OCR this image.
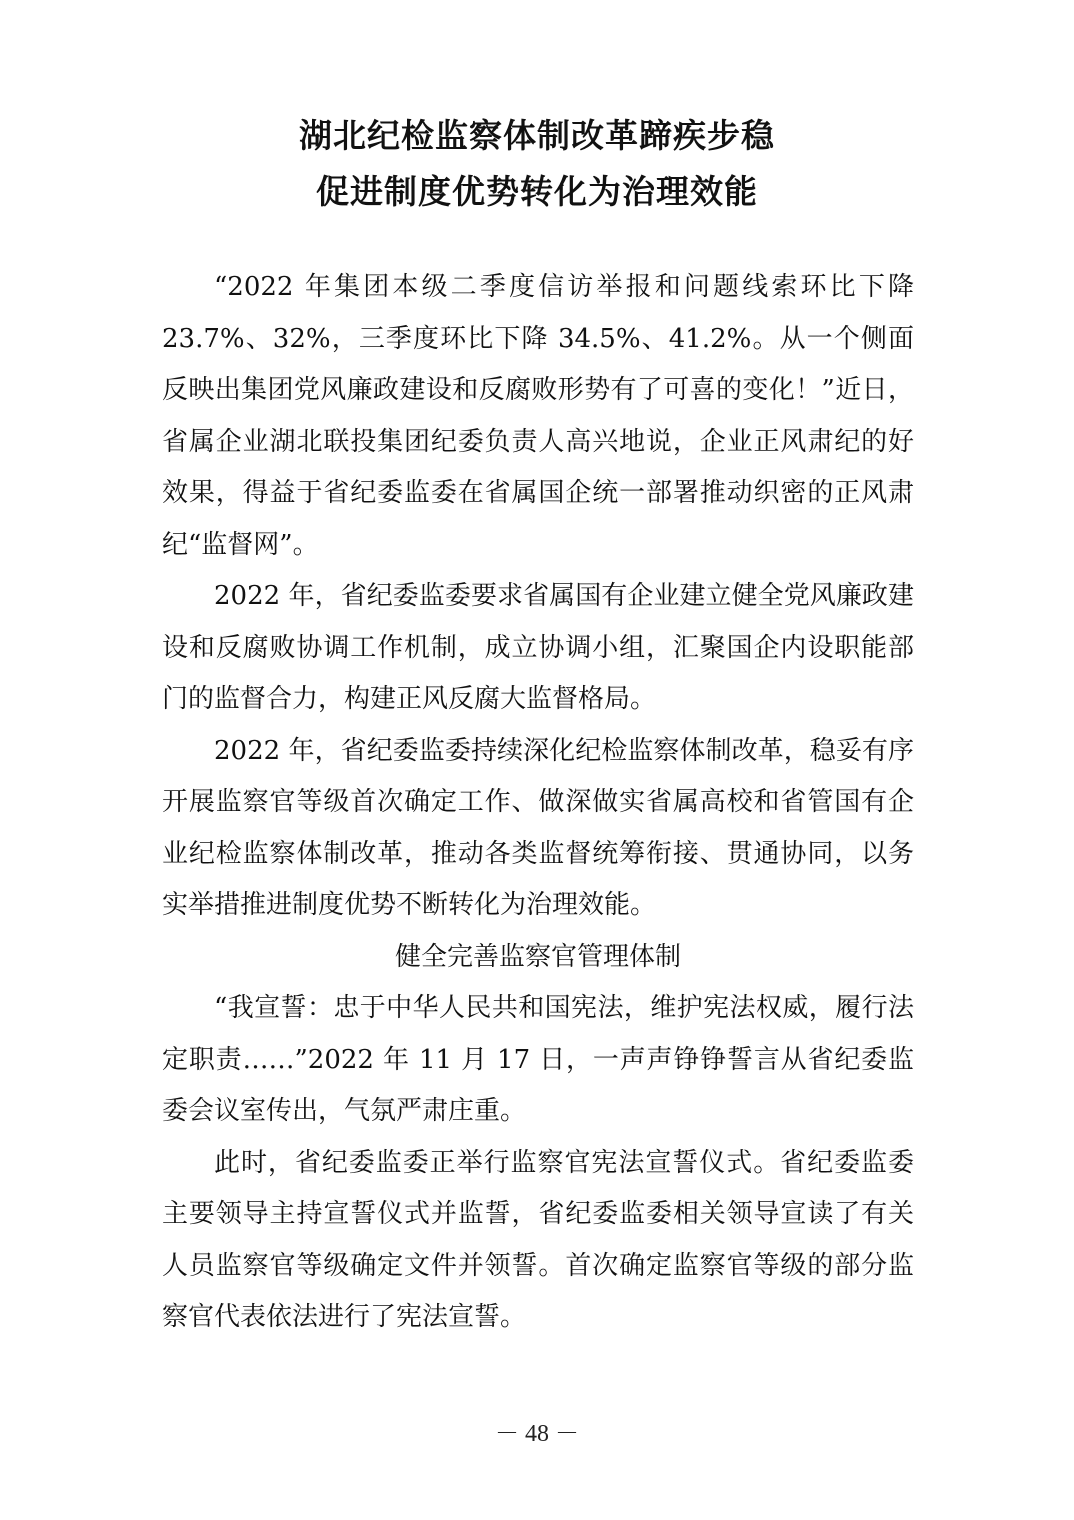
湖北纪检监察体制改革蹄疾步稳
促进制度优势转化为治理效能

“2022 年集团本级二季度信访举报和问题线索环比下降 23.7%、32%，三季度环比下降 34.5%、41.2%。从一个侧面反映出集团党风廉政建设和反腐败形势有了可喜的变化！”近日，省属企业湖北联投集团纪委负责人高兴地说，企业正风肃纪的好效果，得益于省纪委监委在省属国企统一部署推动织密的正风肃纪“监督网”。

2022 年，省纪委监委要求省属国有企业建立健全党风廉政建设和反腐败协调工作机制，成立协调小组，汇聚国企内设职能部门的监督合力，构建正风反腐大监督格局。

2022 年，省纪委监委持续深化纪检监察体制改革，稳妥有序开展监察官等级首次确定工作、做深做实省属高校和省管国有企业纪检监察体制改革，推动各类监督统筹衔接、贯通协同，以务实举措推进制度优势不断转化为治理效能。

健全完善监察官管理体制

“我宣誓：忠于中华人民共和国宪法，维护宪法权威，履行法定职责……”2022 年 11 月 17 日，一声声铮铮誓言从省纪委监委会议室传出，气氛严肃庄重。

此时，省纪委监委正举行监察官宪法宣誓仪式。省纪委监委主要领导主持宣誓仪式并监誓，省纪委监委相关领导宣读了有关人员监察官等级确定文件并领誓。首次确定监察官等级的部分监察官代表依法进行了宪法宣誓。

－ 48 －
